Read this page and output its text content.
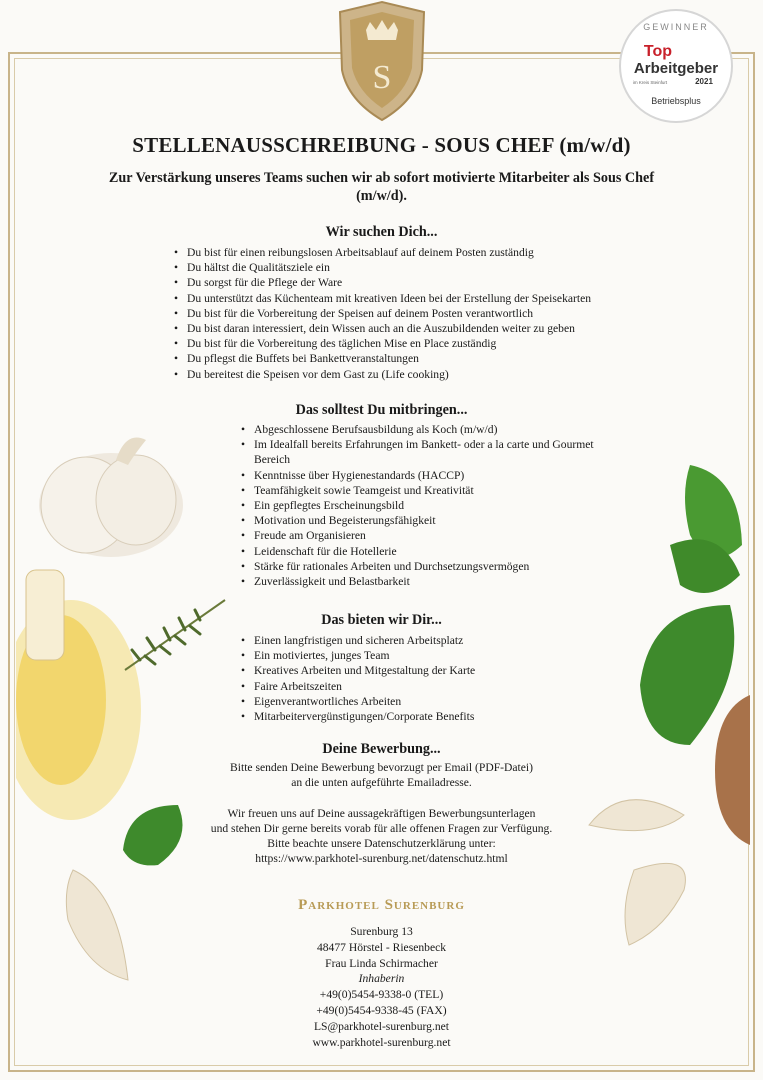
S
GEWINNER
Top
Arbeitgeber
im Kreis Steinfurt	2021
Betriebsplus
STELLENAUSSCHREIBUNG - SOUS CHEF (m/w/d)
Zur Verstärkung unseres Teams suchen wir ab sofort motivierte Mitarbeiter als Sous Chef (m/w/d).
Wir suchen Dich...
• Du bist für einen reibungslosen Arbeitsablauf auf deinem Posten zuständig
• Du hältst die Qualitätsziele ein
• Du sorgst für die Pflege der Ware
• Du unterstützt das Küchenteam mit kreativen Ideen bei der Erstellung der Speisekarten
• Du bist für die Vorbereitung der Speisen auf deinem Posten verantwortlich
• Du bist daran interessiert, dein Wissen auch an die Auszubildenden weiter zu geben
• Du bist für die Vorbereitung des täglichen Mise en Place zuständig
• Du pflegst die Buffets bei Bankettveranstaltungen
• Du bereitest die Speisen vor dem Gast zu (Life cooking)
Das solltest Du mitbringen...
• Abgeschlossene Berufsausbildung als Koch (m/w/d)
• Im Idealfall bereits Erfahrungen im Bankett- oder a la carte und Gourmet Bereich
• Kenntnisse über Hygienestandards (HACCP)
• Teamfähigkeit sowie Teamgeist und Kreativität
• Ein gepflegtes Erscheinungsbild
• Motivation und Begeisterungsfähigkeit
• Freude am Organisieren
• Leidenschaft für die Hotellerie
• Stärke für rationales Arbeiten und Durchsetzungsvermögen
• Zuverlässigkeit und Belastbarkeit
Das bieten wir Dir...
• Einen langfristigen und sicheren Arbeitsplatz
• Ein motiviertes, junges Team
• Kreatives Arbeiten und Mitgestaltung der Karte
• Faire Arbeitszeiten
• Eigenverantwortliches Arbeiten
• Mitarbeitervergünstigungen/Corporate Benefits
Deine Bewerbung...
Bitte senden Deine Bewerbung bevorzugt per Email (PDF-Datei)
an die unten aufgeführte Emailadresse.
Wir freuen uns auf Deine aussagekräftigen Bewerbungsunterlagen
und stehen Dir gerne bereits vorab für alle offenen Fragen zur Verfügung.
Bitte beachte unsere Datenschutzerklärung unter:
https://www.parkhotel-surenburg.net/datenschutz.html
Parkhotel Surenburg
Surenburg 13
48477 Hörstel - Riesenbeck
Frau Linda Schirmacher
Inhaberin
+49(0)5454-9338-0 (TEL)
+49(0)5454-9338-45 (FAX)
LS@parkhotel-surenburg.net
www.parkhotel-surenburg.net
